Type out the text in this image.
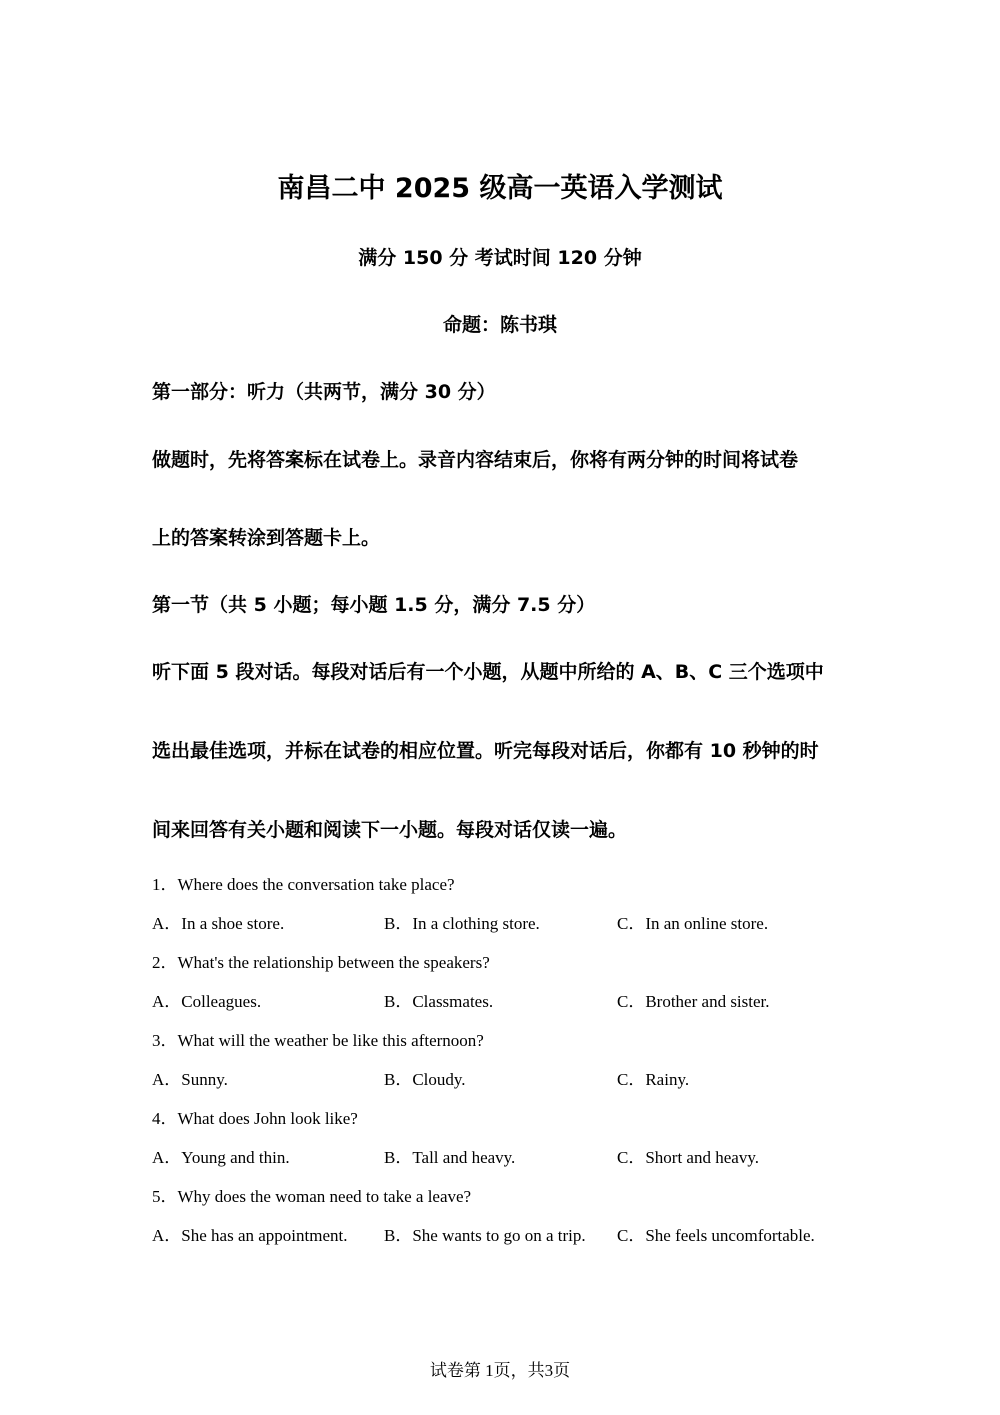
南昌二中 2025 级高一英语入学测试
满分 150 分 考试时间 120 分钟
命题：陈书琪
第一部分：听力（共两节，满分 30 分）
做题时，先将答案标在试卷上。录音内容结束后，你将有两分钟的时间将试卷
上的答案转涂到答题卡上。
第一节（共 5 小题；每小题 1.5 分，满分 7.5 分）
听下面 5 段对话。每段对话后有一个小题，从题中所给的 A、B、C 三个选项中
选出最佳选项，并标在试卷的相应位置。听完每段对话后，你都有 10 秒钟的时
间来回答有关小题和阅读下一小题。每段对话仅读一遍。
1．Where does the conversation take place?
A．In a shoe store.	B．In a clothing store.	C．In an online store.
2．What's the relationship between the speakers?
A．Colleagues.	B．Classmates.	C．Brother and sister.
3．What will the weather be like this afternoon?
A．Sunny.	B．Cloudy.	C．Rainy.
4．What does John look like?
A．Young and thin.	B．Tall and heavy.	C．Short and heavy.
5．Why does the woman need to take a leave?
A．She has an appointment. B．She wants to go on a trip. C．She feels uncomfortable.
试卷第 1页，共3页
